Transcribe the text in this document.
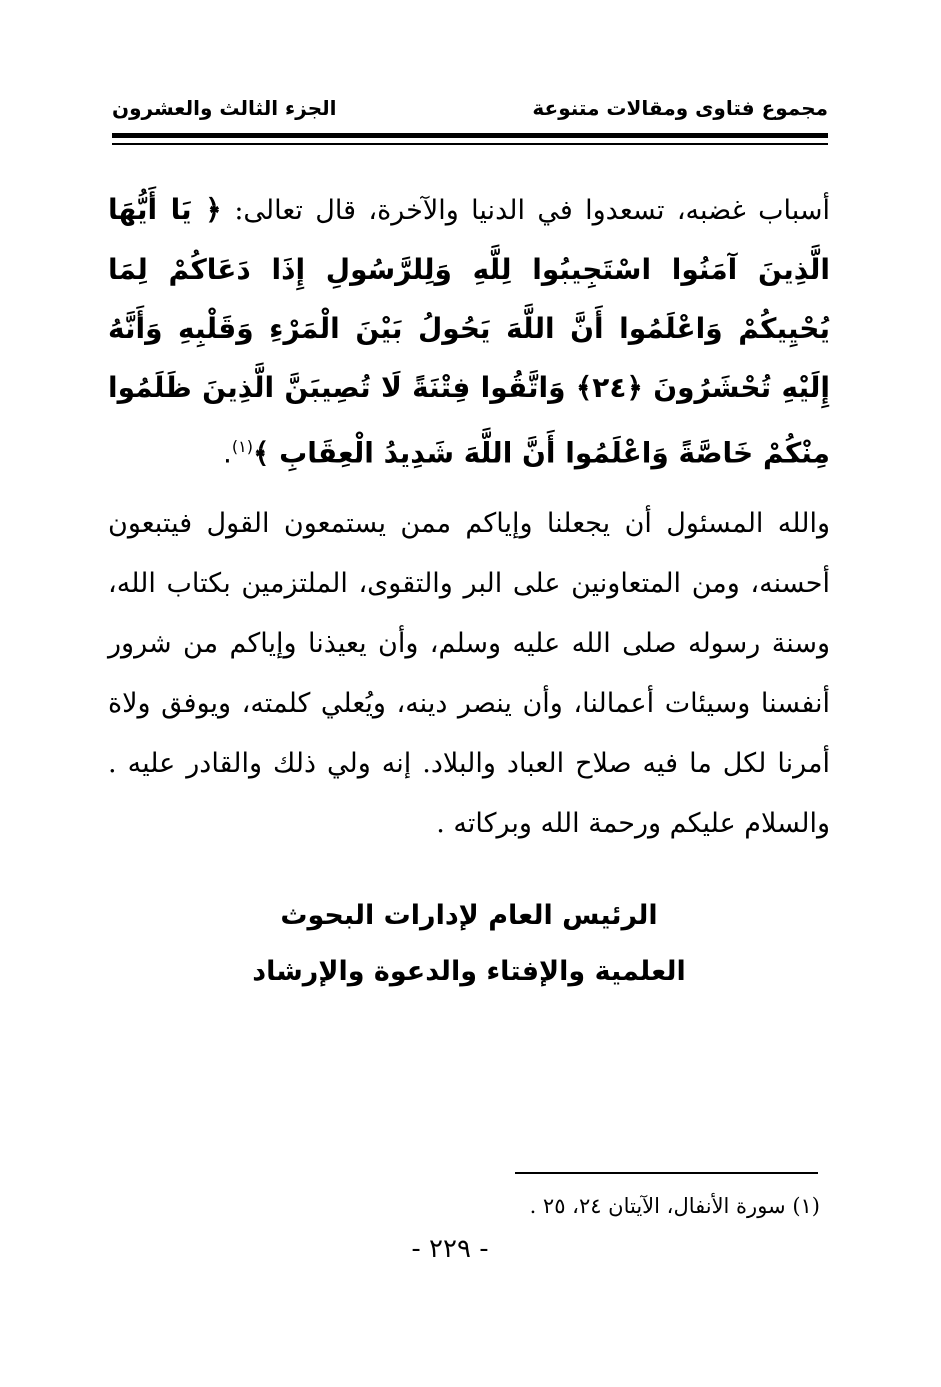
مجموع فتاوى ومقالات متنوعة
الجزء الثالث والعشرون
أسباب غضبه، تسعدوا في الدنيا والآخرة، قال تعالى: ﴿ يَا أَيُّهَا الَّذِينَ آمَنُوا اسْتَجِيبُوا لِلَّهِ وَلِلرَّسُولِ إِذَا دَعَاكُمْ لِمَا يُحْيِيكُمْ وَاعْلَمُوا أَنَّ اللَّهَ يَحُولُ بَيْنَ الْمَرْءِ وَقَلْبِهِ وَأَنَّهُ إِلَيْهِ تُحْشَرُونَ ﴿٢٤﴾ وَاتَّقُوا فِتْنَةً لَا تُصِيبَنَّ الَّذِينَ ظَلَمُوا مِنْكُمْ خَاصَّةً وَاعْلَمُوا أَنَّ اللَّهَ شَدِيدُ الْعِقَابِ ﴾$^{(١)}$.
والله المسئول أن يجعلنا وإياكم ممن يستمعون القول فيتبعون أحسنه، ومن المتعاونين على البر والتقوى، الملتزمين بكتاب الله، وسنة رسوله صلى الله عليه وسلم، وأن يعيذنا وإياكم من شرور أنفسنا وسيئات أعمالنا، وأن ينصر دينه، ويُعلي كلمته، ويوفق ولاة أمرنا لكل ما فيه صلاح العباد والبلاد. إنه ولي ذلك والقادر عليه . والسلام عليكم ورحمة الله وبركاته .
الرئيس العام لإدارات البحوث
العلمية والإفتاء والدعوة والإرشاد
(١) سورة الأنفال، الآيتان ٢٤، ٢٥ .
- ٢٢٩ -
